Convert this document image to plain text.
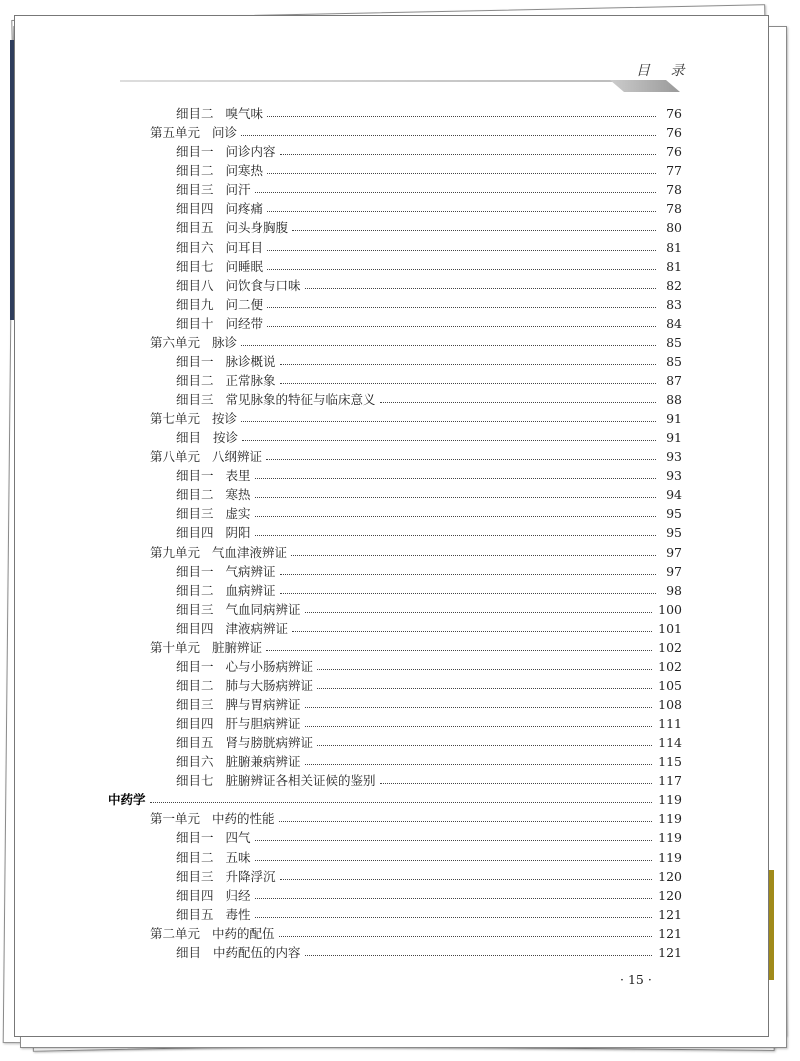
目 录
细目二 嗅气味	76
第五单元 问诊	76
细目一 问诊内容	76
细目二 问寒热	77
细目三 问汗	78
细目四 问疼痛	78
细目五 问头身胸腹	80
细目六 问耳目	81
细目七 问睡眠	81
细目八 问饮食与口味	82
细目九 问二便	83
细目十 问经带	84
第六单元 脉诊	85
细目一 脉诊概说	85
细目二 正常脉象	87
细目三 常见脉象的特征与临床意义	88
第七单元 按诊	91
细目 按诊	91
第八单元 八纲辨证	93
细目一 表里	93
细目二 寒热	94
细目三 虚实	95
细目四 阴阳	95
第九单元 气血津液辨证	97
细目一 气病辨证	97
细目二 血病辨证	98
细目三 气血同病辨证	100
细目四 津液病辨证	101
第十单元 脏腑辨证	102
细目一 心与小肠病辨证	102
细目二 肺与大肠病辨证	105
细目三 脾与胃病辨证	108
细目四 肝与胆病辨证	111
细目五 肾与膀胱病辨证	114
细目六 脏腑兼病辨证	115
细目七 脏腑辨证各相关证候的鉴别	117
中药学	119
第一单元 中药的性能	119
细目一 四气	119
细目二 五味	119
细目三 升降浮沉	120
细目四 归经	120
细目五 毒性	121
第二单元 中药的配伍	121
细目 中药配伍的内容	121
· 15 ·
